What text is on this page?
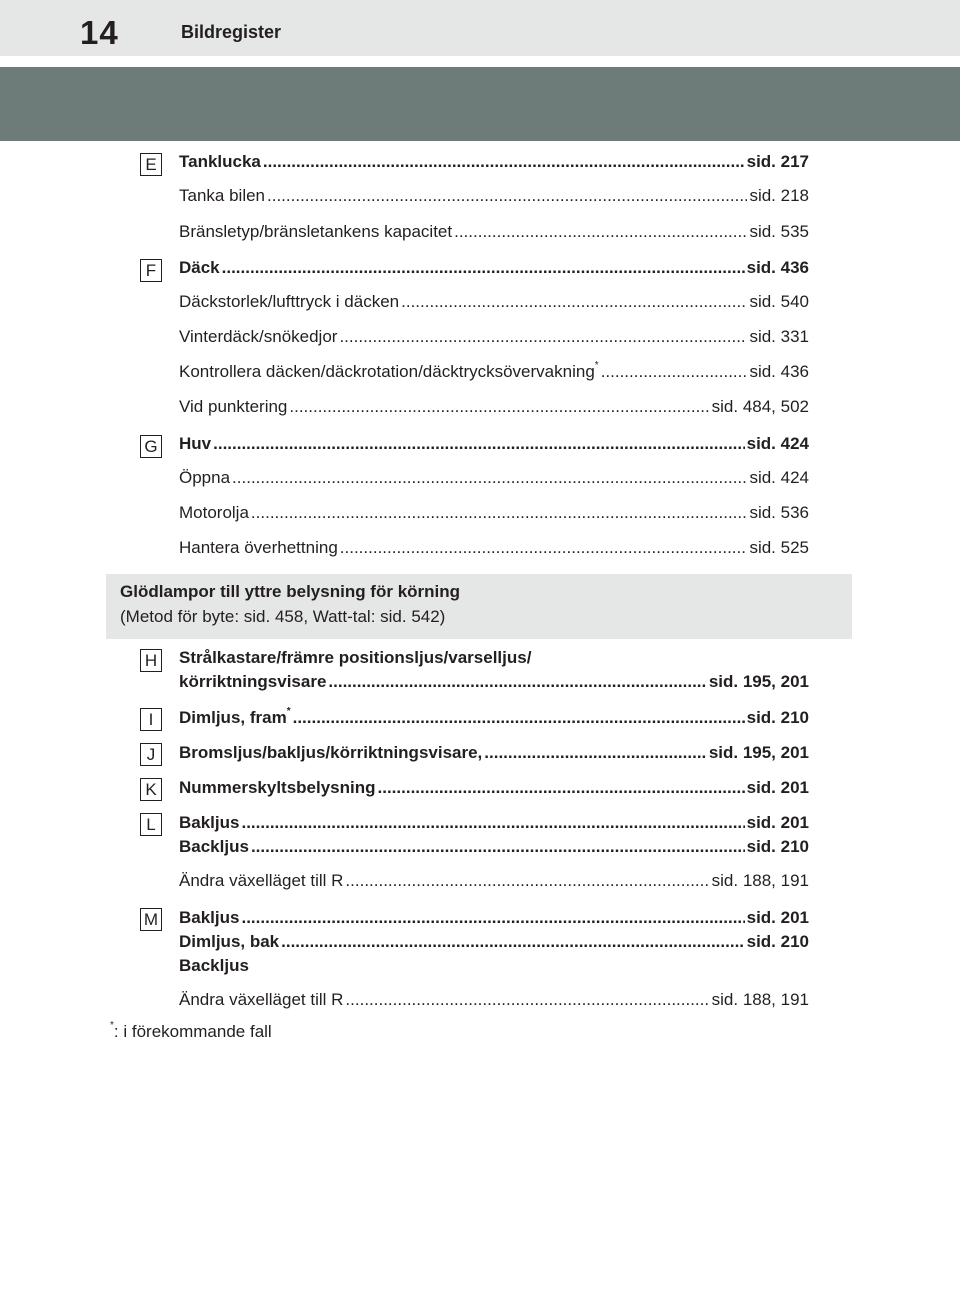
14	Bildregister
E	Tanklucka .....	sid. 217
Tanka bilen .....	sid. 218
Bränsletyp/bränsletankens kapacitet .....	sid. 535
F	Däck .....	sid. 436
Däckstorlek/lufttryck i däcken .....	sid. 540
Vinterdäck/snökedjor .....	sid. 331
Kontrollera däcken/däckrotation/däcktrycksövervakning* .....	sid. 436
Vid punktering .....	sid. 484, 502
G Huv .....	sid. 424
Öppna .....	sid. 424
Motorolja .....	sid. 536
Hantera överhettning .....	sid. 525
Glödlampor till yttre belysning för körning
(Metod för byte: sid. 458, Watt-tal: sid. 542)
H Strålkastare/främre positionsljus/varselljus/
körriktningsvisare .....	sid. 195, 201
I	Dimljus, fram* .....	sid. 210
J	Bromsljus/bakljus/körriktningsvisare, .....	sid. 195, 201
K	Nummerskyltsbelysning .....	sid. 201
L	Bakljus .....	sid. 201
Backljus .....	sid. 210
Ändra växelläget till R .....	sid. 188, 191
M Bakljus .....	sid. 201
Dimljus, bak .....	sid. 210
Backljus
Ändra växelläget till R .....	sid. 188, 191
*: i förekommande fall
